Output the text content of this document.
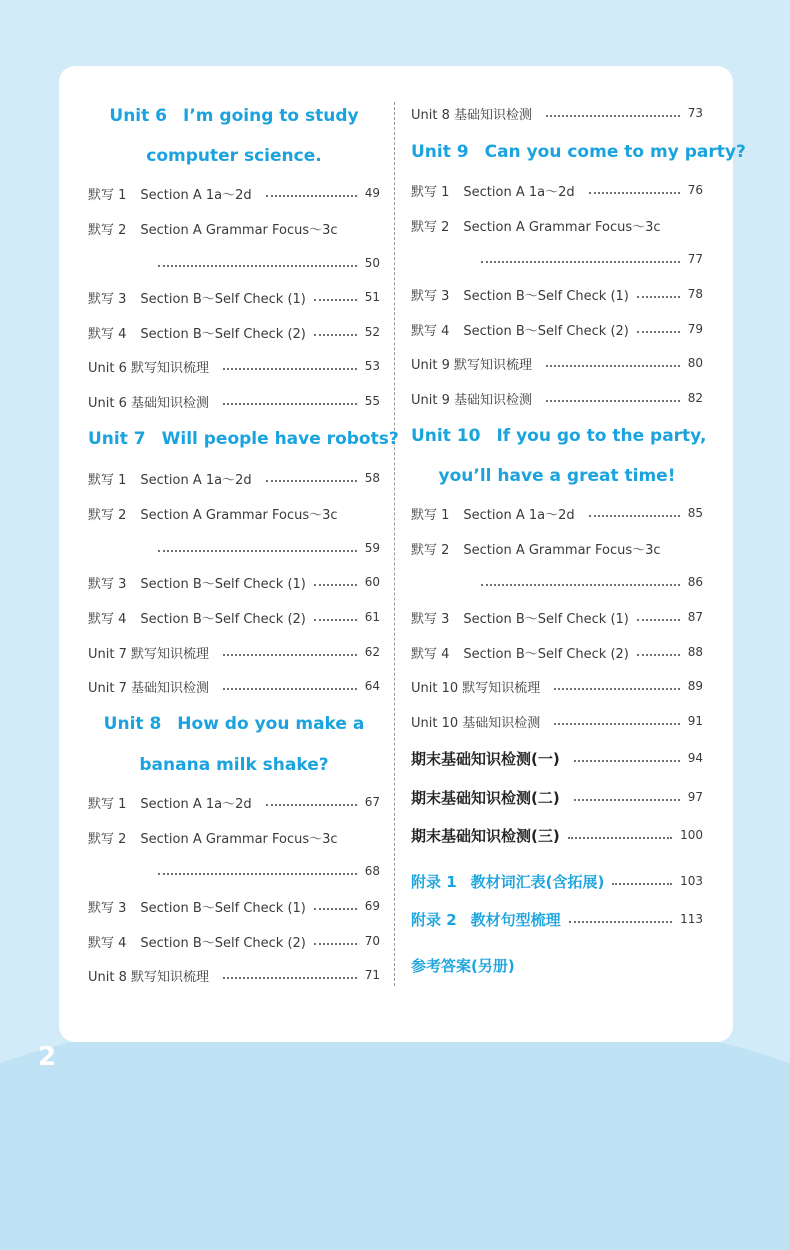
2
Unit 6 I’m going to study
computer science.
默写 1 Section A 1a～2d	49
默写 2 Section A Grammar Focus～3c
50
默写 3 Section B～Self Check (1)	51
默写 4 Section B～Self Check (2)	52
Unit 6 默写知识梳理	53
Unit 6 基础知识检测	55
Unit 7 Will people have robots?
默写 1 Section A 1a～2d	58
默写 2 Section A Grammar Focus～3c
59
默写 3 Section B～Self Check (1)	60
默写 4 Section B～Self Check (2)	61
Unit 7 默写知识梳理	62
Unit 7 基础知识检测	64
Unit 8 How do you make a
banana milk shake?
默写 1 Section A 1a～2d	67
默写 2 Section A Grammar Focus～3c
68
默写 3 Section B～Self Check (1)	69
默写 4 Section B～Self Check (2)	70
Unit 8 默写知识梳理	71
Unit 8 基础知识检测	73
Unit 9 Can you come to my party?
默写 1 Section A 1a～2d	76
默写 2 Section A Grammar Focus～3c
77
默写 3 Section B～Self Check (1)	78
默写 4 Section B～Self Check (2)	79
Unit 9 默写知识梳理	80
Unit 9 基础知识检测	82
Unit 10 If you go to the party,
you’ll have a great time!
默写 1 Section A 1a～2d	85
默写 2 Section A Grammar Focus～3c
86
默写 3 Section B～Self Check (1)	87
默写 4 Section B～Self Check (2)	88
Unit 10 默写知识梳理	89
Unit 10 基础知识检测	91
期末基础知识检测(一)	94
期末基础知识检测(二)	97
期末基础知识检测(三)	100
附录 1 教材词汇表(含拓展)	103
附录 2 教材句型梳理	113
参考答案(另册)
